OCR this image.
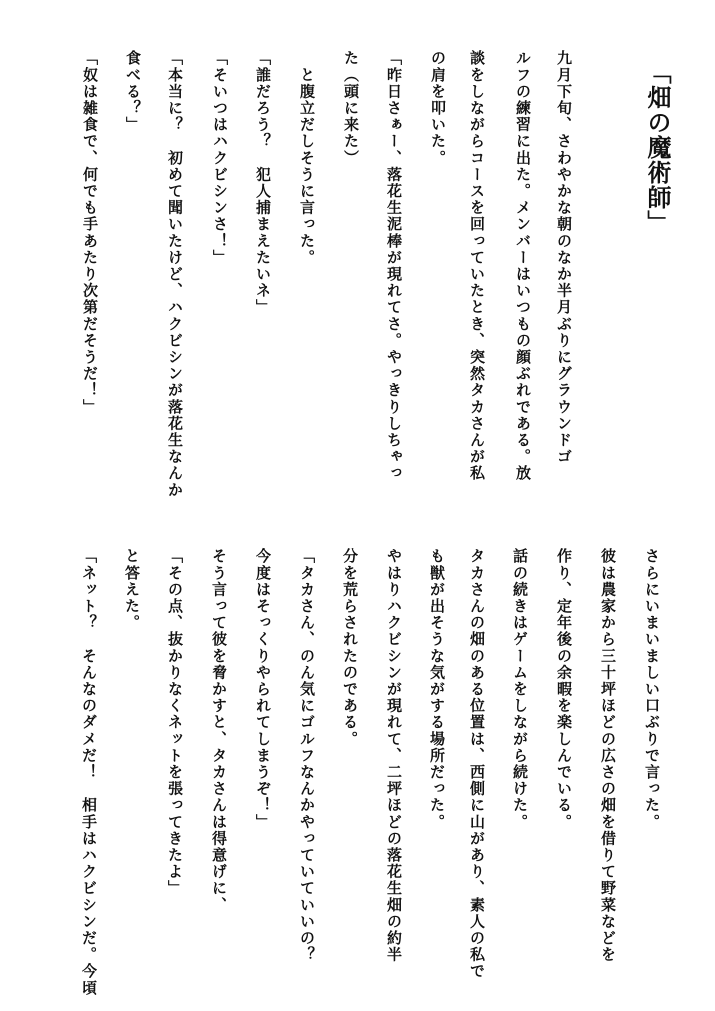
「畑の魔術師」
九月下旬、さわやかな朝のなか半月ぶりにグラウンドゴ
ルフの練習に出た。メンバーはいつもの顔ぶれである。放
談をしながらコースを回っていたとき、突然タカさんが私
の肩を叩いた。
「昨日さぁー、落花生泥棒が現れてさ。やっきりしちゃっ
た（頭に来た）
　と腹立だしそうに言った。
「誰だろう？　犯人捕まえたいネ」
「そいつはハクビシンさ！」
「本当に？　初めて聞いたけど、ハクビシンが落花生なんか
食べる？」
「奴は雑食で、何でも手あたり次第だそうだ！」
さらにいまいましい口ぶりで言った。
彼は農家から三十坪ほどの広さの畑を借りて野菜などを
作り、定年後の余暇を楽しんでいる。
話の続きはゲームをしながら続けた。
タカさんの畑のある位置は、西側に山があり、素人の私で
も獣が出そうな気がする場所だった。
やはりハクビシンが現れて、二坪ほどの落花生畑の約半
分を荒らされたのである。
「タカさん、のん気にゴルフなんかやっていていいの？
今度はそっくりやられてしまうぞ！」
そう言って彼を脅かすと、タカさんは得意げに、
「その点、抜かりなくネットを張ってきたよ」
と答えた。
「ネット？　そんなのダメだ！　相手はハクビシンだ。今頃
